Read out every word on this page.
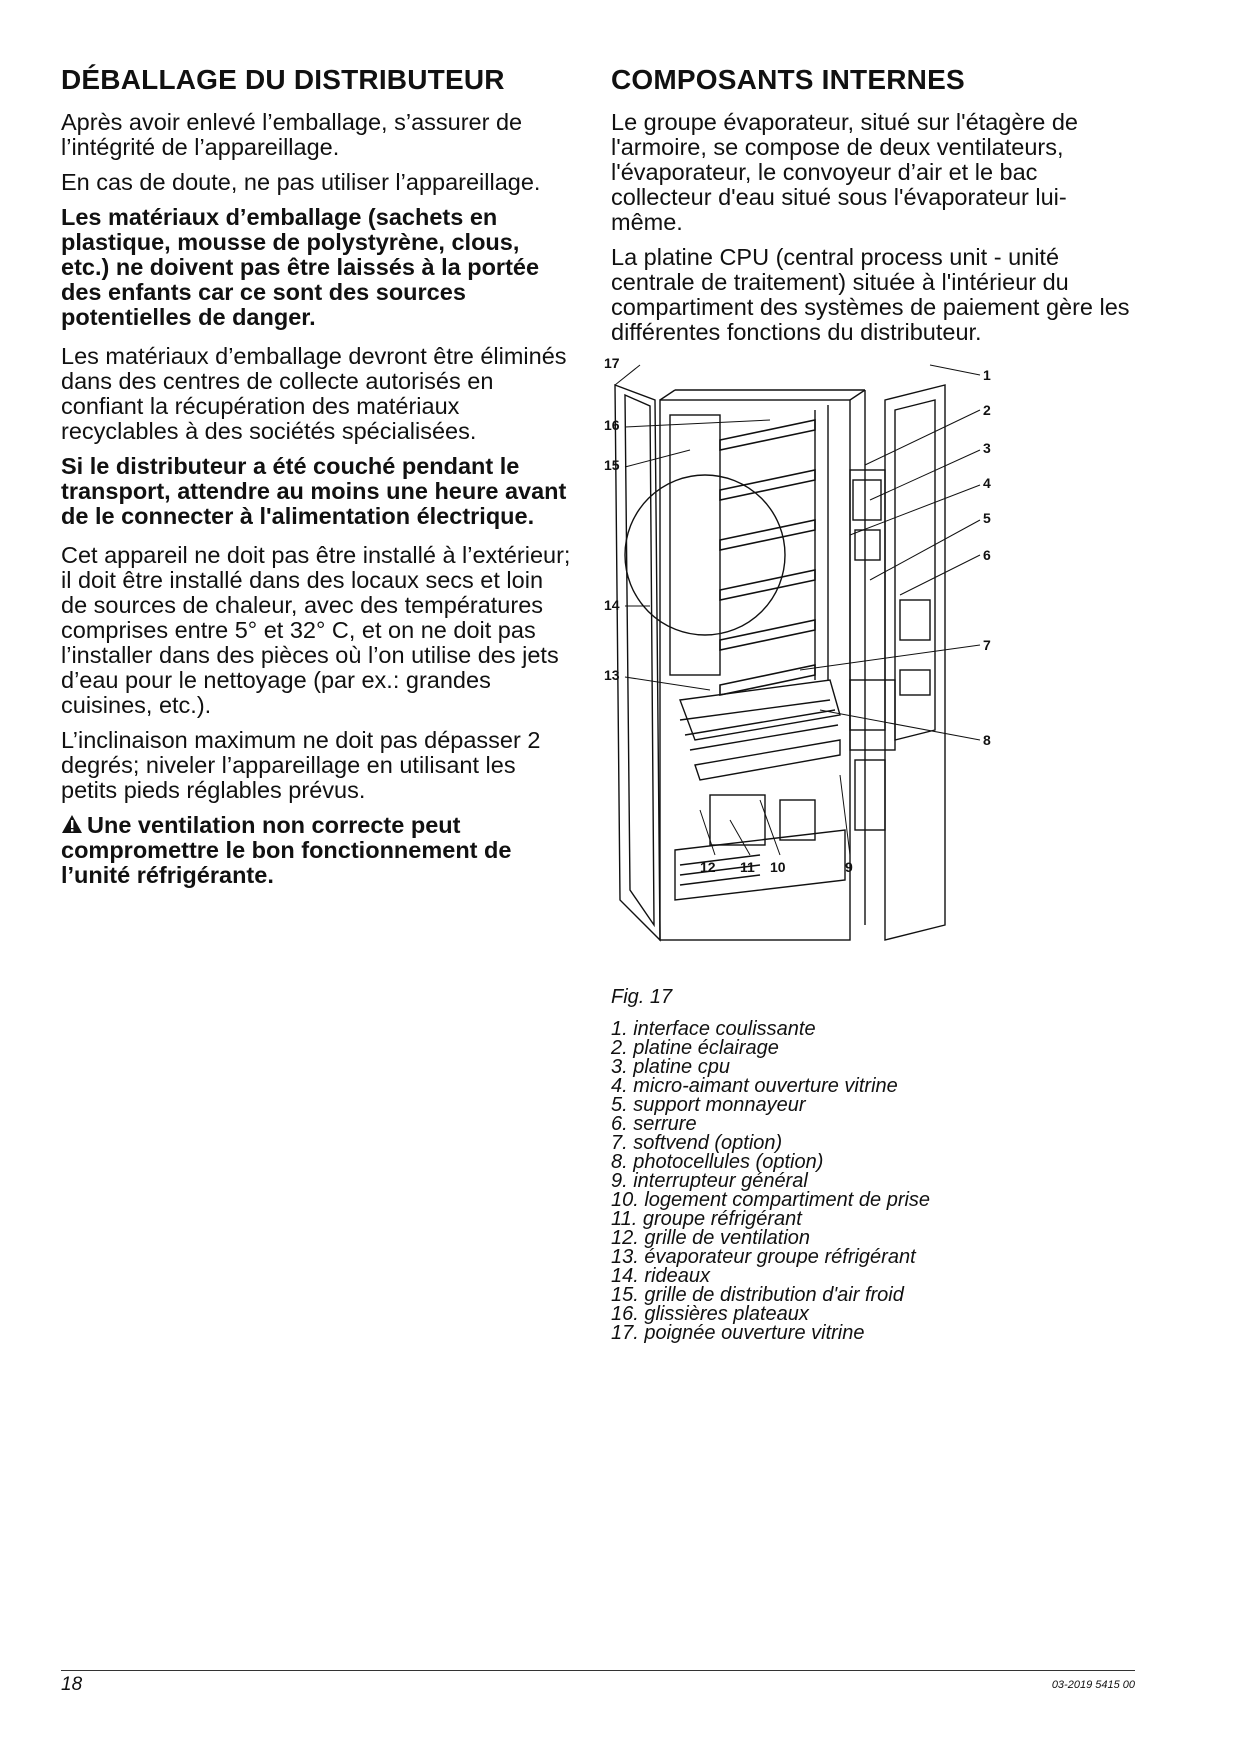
DÉBALLAGE DU DISTRIBUTEUR

Après avoir enlevé l’emballage, s’assurer de l’intégrité de l’appareillage.

En cas de doute, ne pas utiliser l’appareillage.

Les matériaux d’emballage (sachets en plastique, mousse de polystyrène, clous, etc.) ne doivent pas être laissés à la portée des enfants car ce sont des sources potentielles de danger.

Les matériaux d’emballage devront être éliminés dans des centres de collecte autorisés en confiant la récupération des matériaux recyclables à des sociétés spécialisées.

Si le distributeur a été couché pendant le transport, attendre au moins une heure avant de le connecter à l'alimentation électrique.

Cet appareil ne doit pas être installé à l’extérieur; il doit être installé dans des locaux secs et loin de sources de chaleur, avec des températures comprises entre 5° et 32° C, et on ne doit pas l’installer dans des pièces où l’on utilise des jets d’eau pour le nettoyage (par ex.: grandes cuisines, etc.).

L’inclinaison maximum ne doit pas dépasser 2 degrés; niveler l’appareillage en utilisant les petits pieds réglables prévus.

Une ventilation non correcte peut compromettre le bon fonctionnement de l’unité réfrigérante.

COMPOSANTS INTERNES

Le groupe évaporateur, situé sur l'étagère de l'armoire, se compose de deux ventilateurs, l'évaporateur, le convoyeur d’air et le bac collecteur d'eau situé sous l'évaporateur lui-même.

La platine CPU (central process unit - unité centrale de traitement) située à l'intérieur du compartiment des systèmes de paiement gère les différentes fonctions du distributeur.

1
2
3
4
5
6
7
8
9
10
11
12
13
14
15
16
17
Fig. 17
1. interface coulissante
2. platine éclairage
3. platine cpu
4. micro-aimant ouverture vitrine
5. support monnayeur
6. serrure
7. softvend (option)
8. photocellules (option)
9. interrupteur général
10. logement compartiment de prise
11. groupe réfrigérant
12. grille de ventilation
13. évaporateur groupe réfrigérant
14. rideaux
15. grille de distribution d'air froid
16. glissières plateaux
17. poignée ouverture vitrine
18	03-2019 5415 00
